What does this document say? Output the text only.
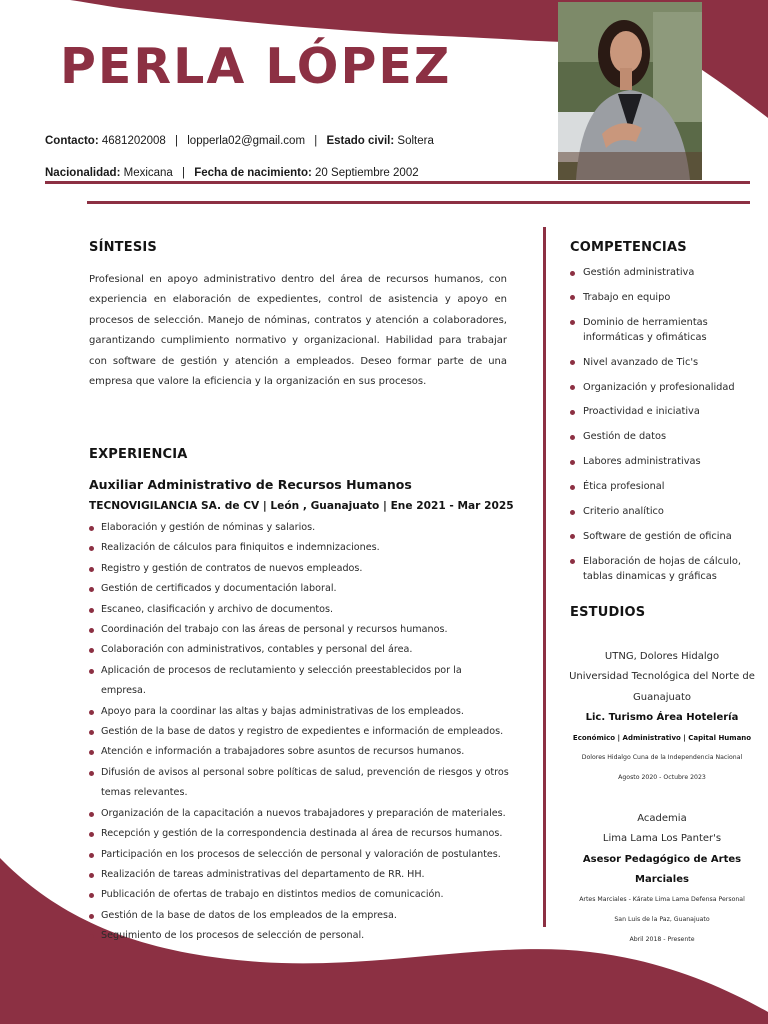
PERLA LÓPEZ
Contacto: 4681202008 | lopperla02@gmail.com | Estado civil: Soltera
Nacionalidad: Mexicana | Fecha de nacimiento: 20 Septiembre 2002
SÍNTESIS

Profesional en apoyo administrativo dentro del área de recursos humanos, con experiencia en elaboración de expedientes, control de asistencia y apoyo en procesos de selección. Manejo de nóminas, contratos y atención a colaboradores, garantizando cumplimiento normativo y organizacional. Habilidad para trabajar con software de gestión y atención a empleados. Deseo formar parte de una empresa que valore la eficiencia y la organización en sus procesos.

EXPERIENCIA
Auxiliar Administrativo de Recursos Humanos
TECNOVIGILANCIA SA. de CV | León , Guanajuato | Ene 2021 - Mar 2025
Elaboración y gestión de nóminas y salarios.
Realización de cálculos para finiquitos e indemnizaciones.
Registro y gestión de contratos de nuevos empleados.
Gestión de certificados y documentación laboral.
Escaneo, clasificación y archivo de documentos.
Coordinación del trabajo con las áreas de personal y recursos humanos.
Colaboración con administrativos, contables y personal del área.
Aplicación de procesos de reclutamiento y selección preestablecidos por la empresa.
Apoyo para la coordinar las altas y bajas administrativas de los empleados.
Gestión de la base de datos y registro de expedientes e información de empleados.
Atención e información a trabajadores sobre asuntos de recursos humanos.
Difusión de avisos al personal sobre políticas de salud, prevención de riesgos y otros temas relevantes.
Organización de la capacitación a nuevos trabajadores y preparación de materiales.
Recepción y gestión de la correspondencia destinada al área de recursos humanos.
Participación en los procesos de selección de personal y valoración de postulantes.
Realización de tareas administrativas del departamento de RR. HH.
Publicación de ofertas de trabajo en distintos medios de comunicación.
Gestión de la base de datos de los empleados de la empresa.
Seguimiento de los procesos de selección de personal.
COMPETENCIAS
Gestión administrativa
Trabajo en equipo
Dominio de herramientas informáticas y ofimáticas
Nivel avanzado de Tic's
Organización y profesionalidad
Proactividad e iniciativa
Gestión de datos
Labores administrativas
Ética profesional
Criterio analítico
Software de gestión de oficina
Elaboración de hojas de cálculo, tablas dinamicas y gráficas
ESTUDIOS
UTNG, Dolores Hidalgo
Universidad Tecnológica del Norte de Guanajuato
Lic. Turismo Área Hotelería
Económico | Administrativo | Capital Humano
Dolores Hidalgo Cuna de la Independencia Nacional
Agosto 2020 - Octubre 2023
Academia
Lima Lama Los Panter's
Asesor Pedagógico de Artes Marciales
Artes Marciales - Kárate Lima Lama Defensa Personal
San Luis de la Paz, Guanajuato
Abril 2018 - Presente
